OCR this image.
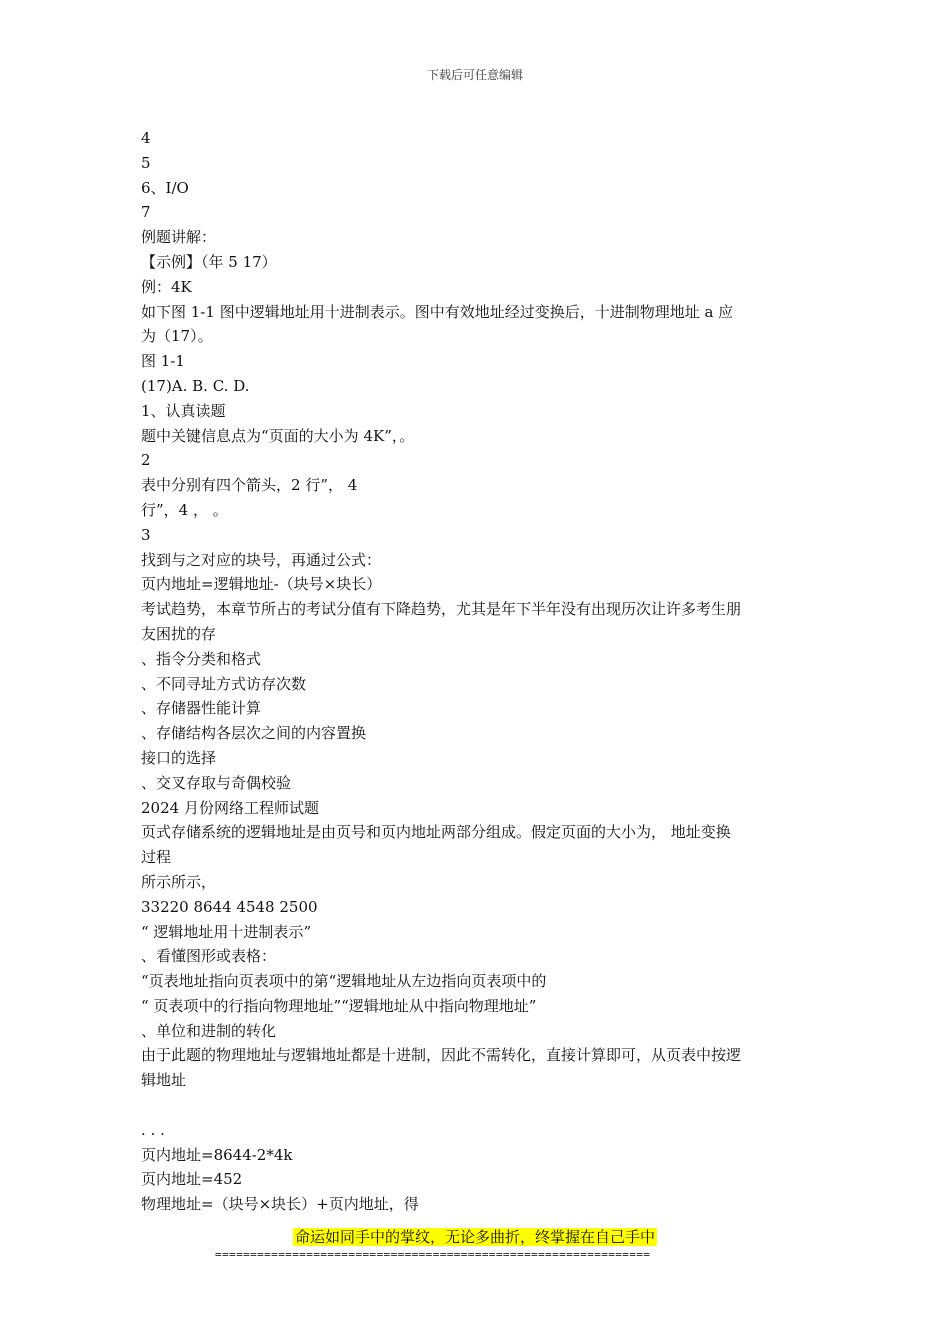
下载后可任意编辑

4

5

6、I/O

7

例题讲解：

【示例】（年 5 17）

例：4K

如下图 1-1 图中逻辑地址用十进制表示。图中有效地址经过变换后，十进制物理地址 a 应

为（17）。

图 1-1

(17)A. B. C. D.

1、认真读题

题中关键信息点为“页面的大小为 4K”，。

2

表中分别有四个箭头，2 行”， 4

行”，4 ， 。

3

找到与之对应的块号，再通过公式：

页内地址=逻辑地址-（块号×块长）

考试趋势，本章节所占的考试分值有下降趋势，尤其是年下半年没有出现历次让许多考生朋

友困扰的存

、指令分类和格式

、不同寻址方式访存次数

、存储器性能计算

、存储结构各层次之间的内容置换

接口的选择

、交叉存取与奇偶校验

2024 月份网络工程师试题

页式存储系统的逻辑地址是由页号和页内地址两部分组成。假定页面的大小为， 地址变换

过程

所示所示，

33220 8644 4548 2500

“ 逻辑地址用十进制表示”

、看懂图形或表格：

“页表地址指向页表项中的第“逻辑地址从左边指向页表项中的

“ 页表项中的行指向物理地址”“逻辑地址从中指向物理地址”

、单位和进制的转化

由于此题的物理地址与逻辑地址都是十进制，因此不需转化，直接计算即可，从页表中按逻

辑地址

. . .

页内地址=8644-2*4k

页内地址=452

物理地址=（块号×块长）+页内地址，得

命运如同手中的掌纹，无论多曲折，终掌握在自己手中
==============================================================
